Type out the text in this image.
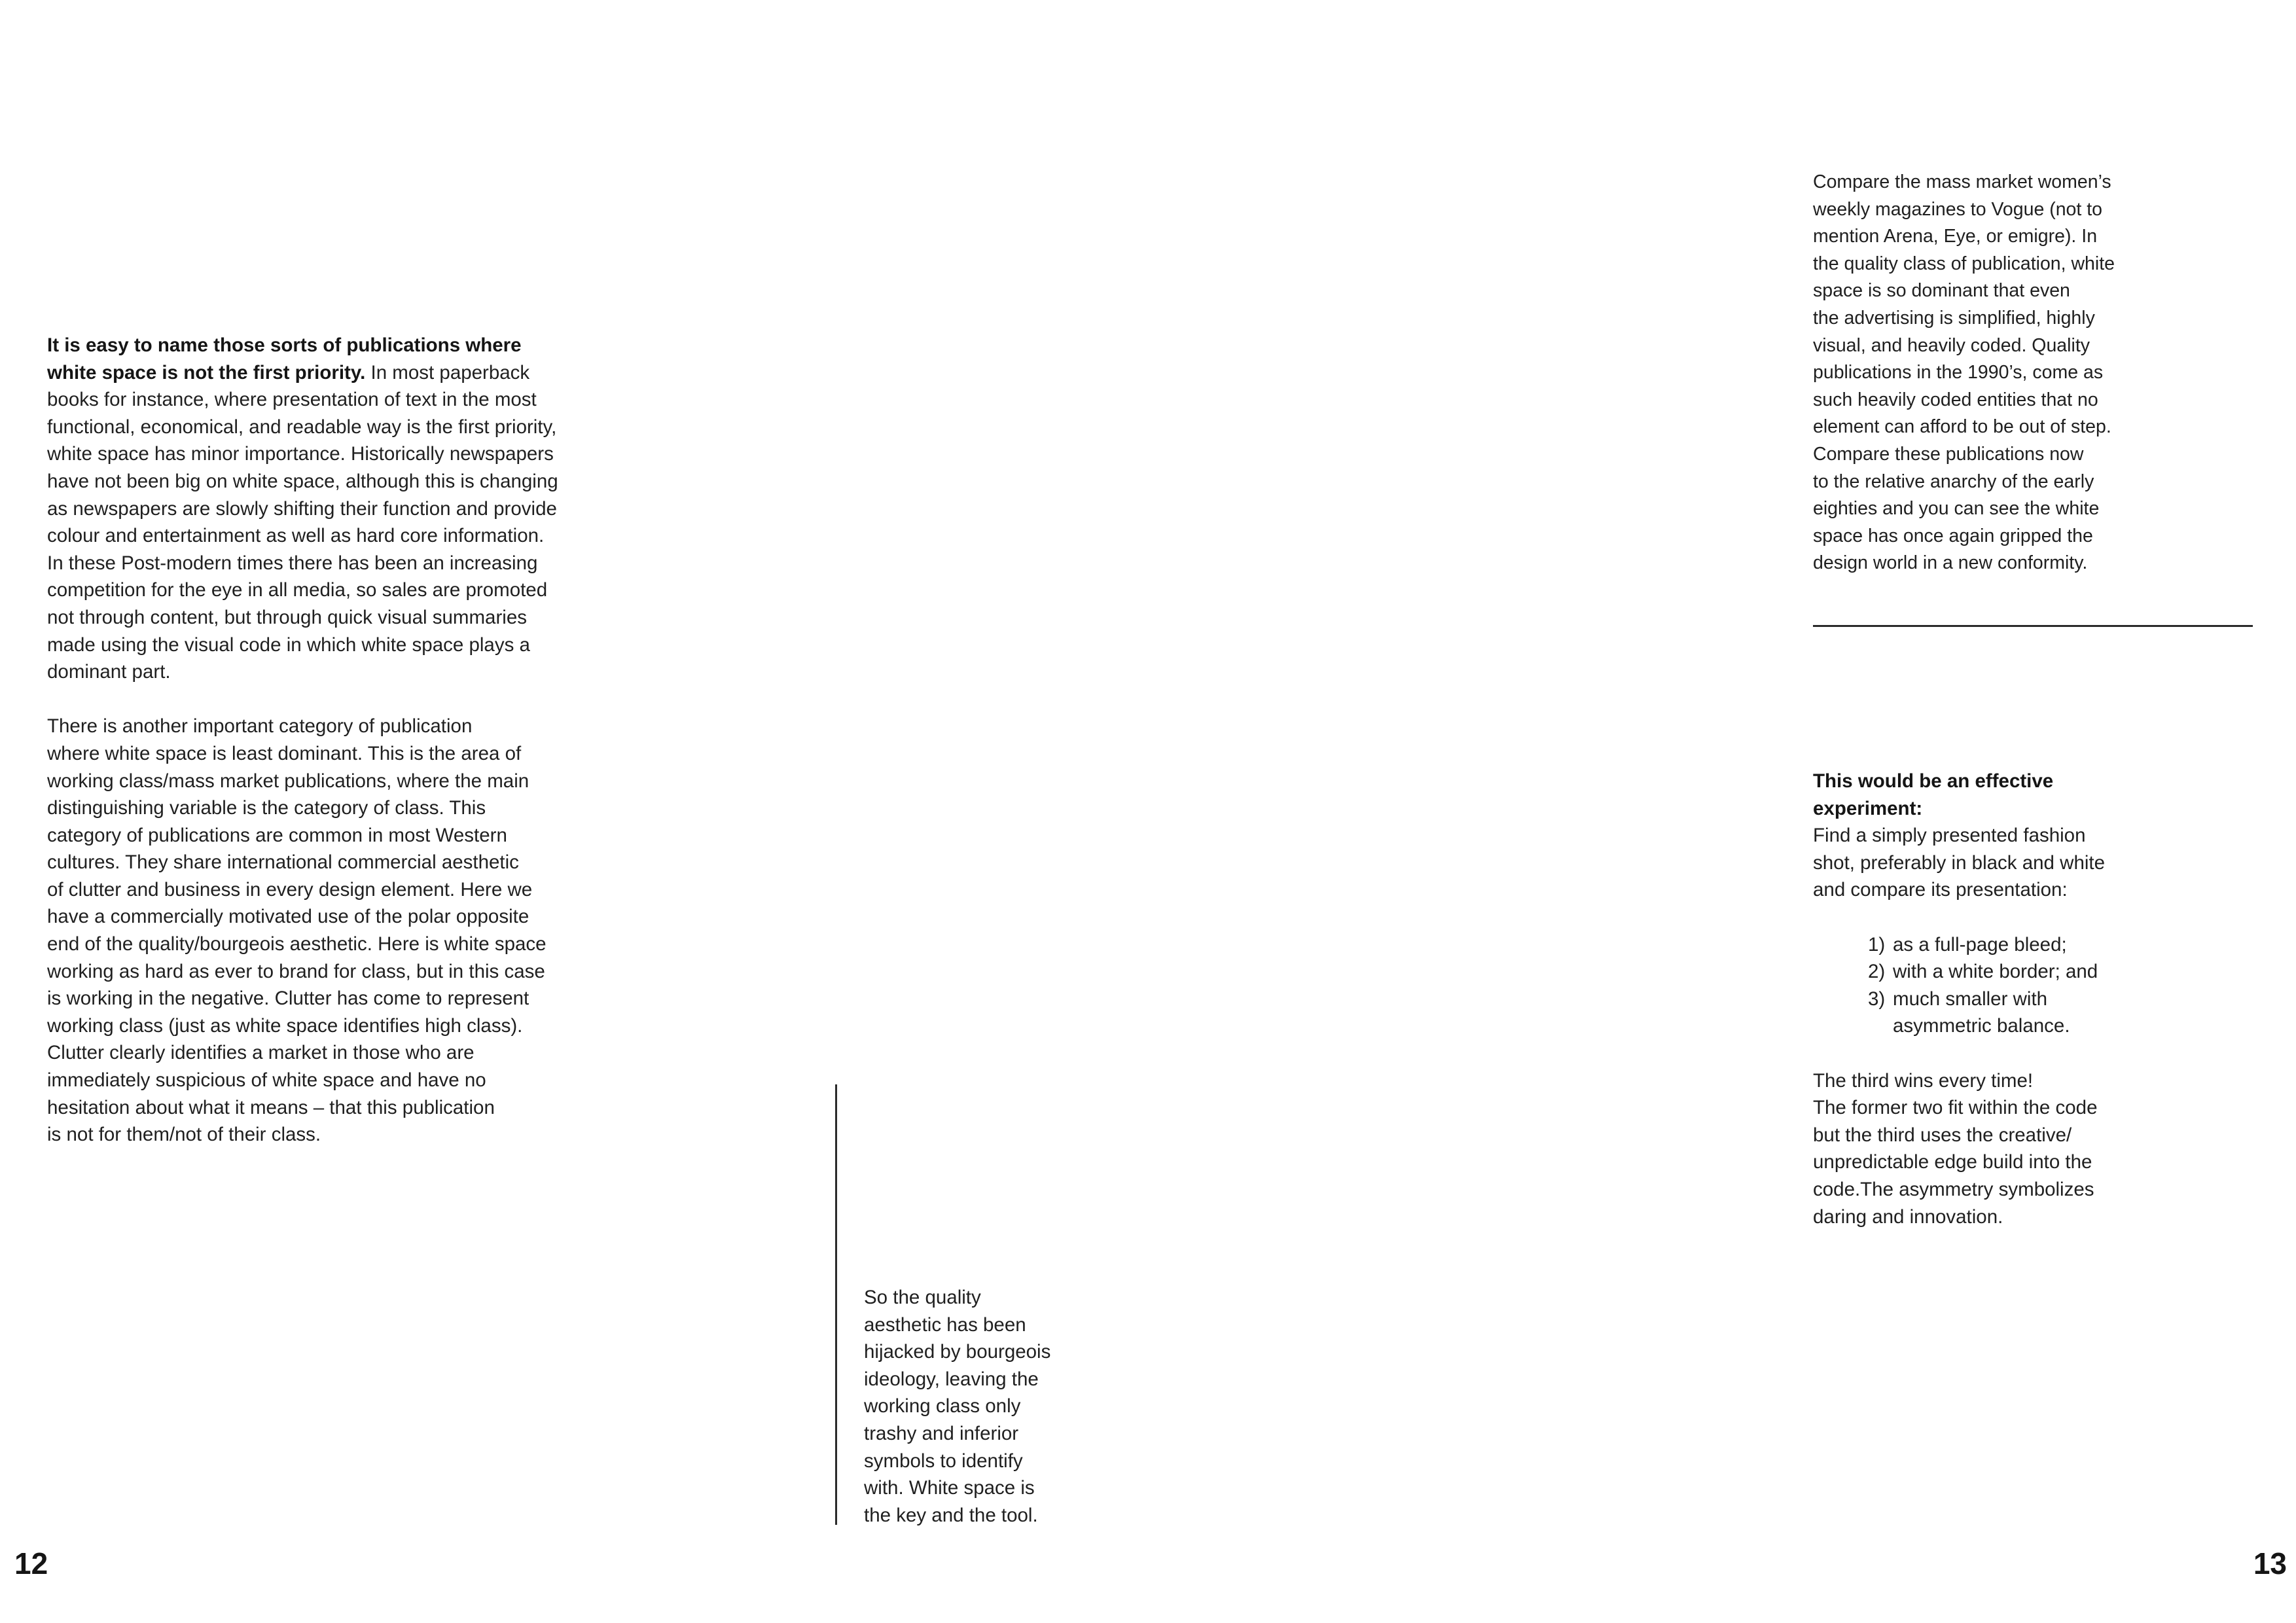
It is easy to name those sorts of publications where

white space is not the first priority. In most paperback

books for instance, where presentation of text in the most

functional, economical, and readable way is the first priority,

white space has minor importance. Historically newspapers

have not been big on white space, although this is changing

as newspapers are slowly shifting their function and provide

colour and entertainment as well as hard core information.

In these Post-modern times there has been an increasing

competition for the eye in all media, so sales are promoted

not through content, but through quick visual summaries

made using the visual code in which white space plays a

dominant part.

There is another important category of publication

where white space is least dominant. This is the area of

working class/mass market publications, where the main

distinguishing variable is the category of class. This

category of publications are common in most Western

cultures. They share international commercial aesthetic

of clutter and business in every design element. Here we

have a commercially motivated use of the polar opposite

end of the quality/bourgeois aesthetic. Here is white space

working as hard as ever to brand for class, but in this case

is working in the negative. Clutter has come to represent

working class (just as white space identifies high class).

Clutter clearly identifies a market in those who are

immediately suspicious of white space and have no

hesitation about what it means – that this publication

is not for them/not of their class.

So the quality

aesthetic has been

hijacked by bourgeois

ideology, leaving the

working class only

trashy and inferior

symbols to identify

with. White space is

the key and the tool.

Compare the mass market women’s

weekly magazines to Vogue (not to

mention Arena, Eye, or emigre). In

the quality class of publication, white

space is so dominant that even

the advertising is simplified, highly

visual, and heavily coded. Quality

publications in the 1990’s, come as

such heavily coded entities that no

element can afford to be out of step.

Compare these publications now

to the relative anarchy of the early

eighties and you can see the white

space has once again gripped the

design world in a new conformity.

This would be an effective

experiment:

Find a simply presented fashion

shot, preferably in black and white

and compare its presentation:

1) as a full-page bleed;
2) with a white border; and
3) much smaller with

asymmetric balance.

The third wins every time!

The former two fit within the code

but the third uses the creative/

unpredictable edge build into the

code.The asymmetry symbolizes

daring and innovation.

12	13
